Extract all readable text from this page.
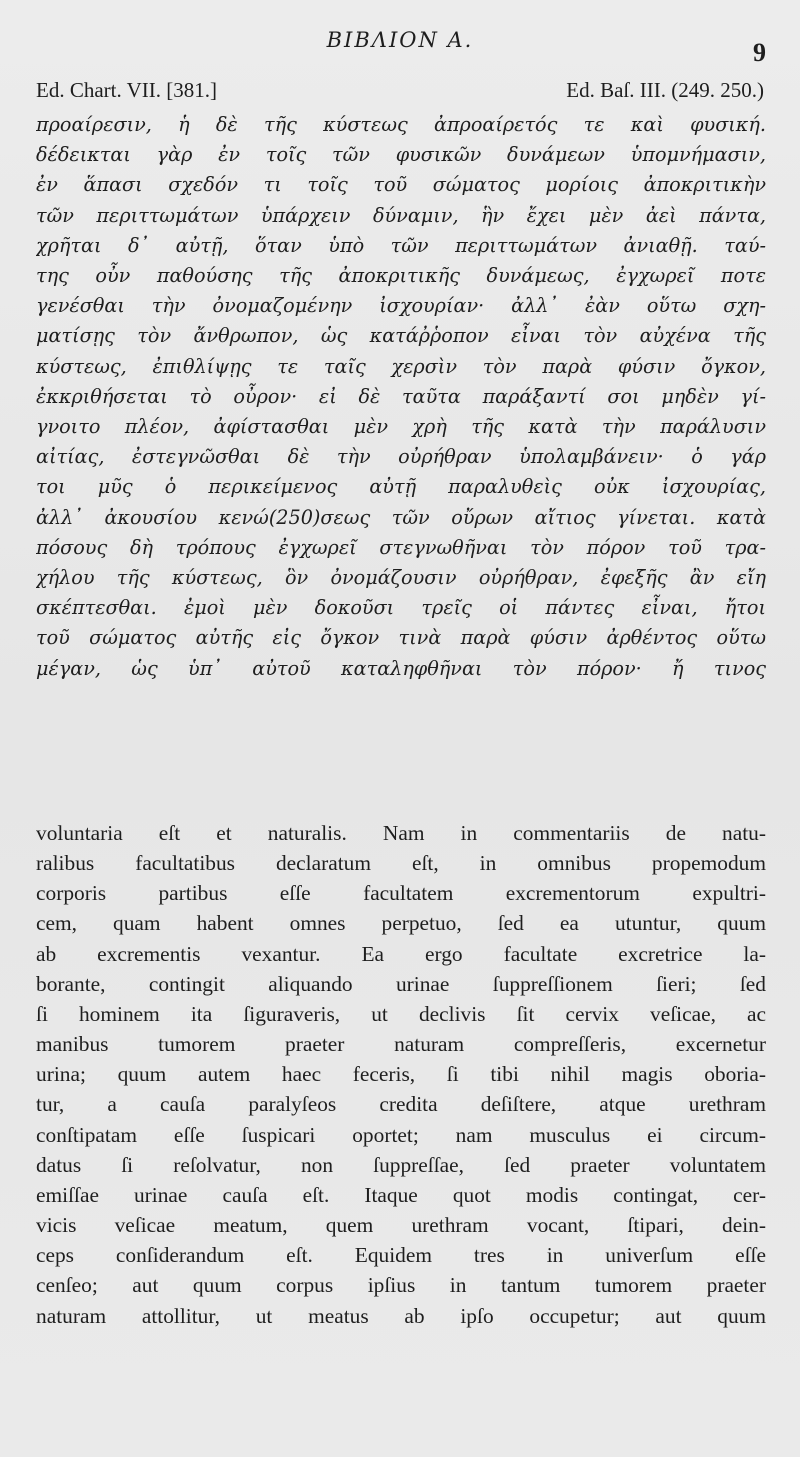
ΒΙΒΛΙΟΝ Α.	9
Ed. Chart. VII. [381.]	Ed. Baſ. III. (249. 250.)
προαίρεσιν, ἡ δὲ τῆς κύστεως ἀπροαίρετός τε καὶ φυσική.
δέδεικται γὰρ ἐν τοῖς τῶν φυσικῶν δυνάμεων ὑπομνήμασιν,
ἐν ἅπασι σχεδόν τι τοῖς τοῦ σώματος μορίοις ἀποκριτικὴν
τῶν περιττωμάτων ὑπάρχειν δύναμιν, ἣν ἔχει μὲν ἀεὶ πάντα,
χρῆται δ᾽ αὐτῇ, ὅταν ὑπὸ τῶν περιττωμάτων ἀνιαθῇ. ταύ-
της οὖν παθούσης τῆς ἀποκριτικῆς δυνάμεως, ἐγχωρεῖ ποτε
γενέσθαι τὴν ὀνομαζομένην ἰσχουρίαν· ἀλλ᾽ ἐὰν οὕτω σχη-
ματίσῃς τὸν ἄνθρωπον, ὡς κατάῤῥοπον εἶναι τὸν αὐχένα τῆς
κύστεως, ἐπιθλίψῃς τε ταῖς χερσὶν τὸν παρὰ φύσιν ὄγκον,
ἐκκριθήσεται τὸ οὖρον· εἰ δὲ ταῦτα παράξαντί σοι μηδὲν γί-
γνοιτο πλέον, ἀφίστασθαι μὲν χρὴ τῆς κατὰ τὴν παράλυσιν
αἰτίας, ἐστεγνῶσθαι δὲ τὴν οὐρήθραν ὑπολαμβάνειν· ὁ γάρ
τοι μῦς ὁ περικείμενος αὐτῇ παραλυθεὶς οὐκ ἰσχουρίας,
ἀλλ᾽ ἀκουσίου κενώ(250)σεως τῶν οὔρων αἴτιος γίνεται. κατὰ
πόσους δὴ τρόπους ἐγχωρεῖ στεγνωθῆναι τὸν πόρον τοῦ τρα-
χήλου τῆς κύστεως, ὃν ὀνομάζουσιν οὐρήθραν, ἐφεξῆς ἂν εἴη
σκέπτεσθαι. ἐμοὶ μὲν δοκοῦσι τρεῖς οἱ πάντες εἶναι, ἤτοι
τοῦ σώματος αὐτῆς εἰς ὄγκον τινὰ παρὰ φύσιν ἀρθέντος οὕτω
μέγαν, ὡς ὑπ᾽ αὐτοῦ καταληφθῆναι τὸν πόρον· ἤ τινος
voluntaria eſt et naturalis. Nam in commentariis de natu-
ralibus facultatibus declaratum eſt, in omnibus propemodum
corporis partibus eſſe facultatem excrementorum expultri-
cem, quam habent omnes perpetuo, ſed ea utuntur, quum
ab excrementis vexantur. Ea ergo facultate excretrice la-
borante, contingit aliquando urinae ſuppreſſionem ſieri; ſed
ſi hominem ita ſiguraveris, ut declivis ſit cervix veſicae, ac
manibus tumorem praeter naturam compreſſeris, excernetur
urina; quum autem haec feceris, ſi tibi nihil magis oboria-
tur, a cauſa paralyſeos credita deſiſtere, atque urethram
conſtipatam eſſe ſuspicari oportet; nam musculus ei circum-
datus ſi reſolvatur, non ſuppreſſae, ſed praeter voluntatem
emiſſae urinae cauſa eſt. Itaque quot modis contingat, cer-
vicis veſicae meatum, quem urethram vocant, ſtipari, dein-
ceps conſiderandum eſt. Equidem tres in univerſum eſſe
cenſeo; aut quum corpus ipſius in tantum tumorem praeter
naturam attollitur, ut meatus ab ipſo occupetur; aut quum
